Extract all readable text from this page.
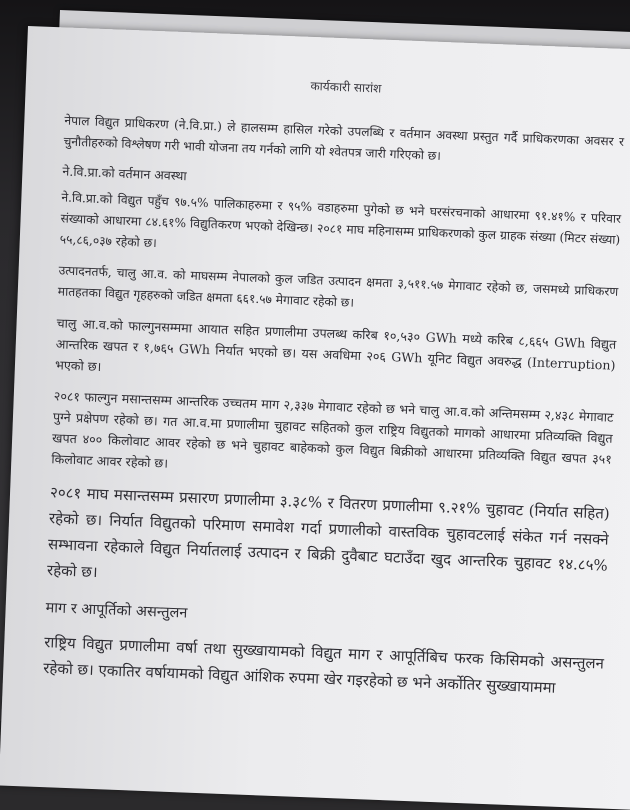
कार्यकारी सारांश

नेपाल विद्युत प्राधिकरण (ने.वि.प्रा.) ले हालसम्म हासिल गरेको उपलब्धि र वर्तमान अवस्था प्रस्तुत गर्दै प्राधिकरणका अवसर र चुनौतीहरुको विश्लेषण गरी भावी योजना तय गर्नको लागि यो श्वेतपत्र जारी गरिएको छ।

ने.वि.प्रा.को वर्तमान अवस्था

ने.वि.प्रा.को विद्युत पहुँच ९७.५% पालिकाहरुमा र ९५% वडाहरुमा पुगेको छ भने घरसंरचनाको आधारमा ९१.४१% र परिवार संख्याको आधारमा ८४.६१% विद्युतिकरण भएको देखिन्छ। २०८१ माघ महिनासम्म प्राधिकरणको कुल ग्राहक संख्या (मिटर संख्या) ५५,८६,०३७ रहेको छ।

उत्पादनतर्फ, चालु आ.व. को माघसम्म नेपालको कुल जडित उत्पादन क्षमता ३,५११.५७ मेगावाट रहेको छ, जसमध्ये प्राधिकरण मातहतका विद्युत गृहहरुको जडित क्षमता ६६१.५७ मेगावाट रहेको छ।

चालु आ.व.को फाल्गुनसम्ममा आयात सहित प्रणालीमा उपलब्ध करिब १०,५३० GWh मध्ये करिब ८,६६५ GWh विद्युत आन्तरिक खपत र १,७६५ GWh निर्यात भएको छ। यस अवधिमा २०६ GWh यूनिट विद्युत अवरुद्ध (Interruption) भएको छ।

२०८१ फाल्गुन मसान्तसम्म आन्तरिक उच्चतम माग २,३३७ मेगावाट रहेको छ भने चालु आ.व.को अन्तिमसम्म २,४३८ मेगावाट पुग्ने प्रक्षेपण रहेको छ। गत आ.व.मा प्रणालीमा चुहावट सहितको कुल राष्ट्रिय विद्युतको मागको आधारमा प्रतिव्यक्ति विद्युत खपत ४०० किलोवाट आवर रहेको छ भने चुहावट बाहेकको कुल विद्युत बिक्रीको आधारमा प्रतिव्यक्ति विद्युत खपत ३५१ किलोवाट आवर रहेको छ।

२०८१ माघ मसान्तसम्म प्रसारण प्रणालीमा ३.३८% र वितरण प्रणालीमा ९.२१% चुहावट (निर्यात सहित) रहेको छ। निर्यात विद्युतको परिमाण समावेश गर्दा प्रणालीको वास्तविक चुहावटलाई संकेत गर्न नसक्ने सम्भावना रहेकाले विद्युत निर्यातलाई उत्पादन र बिक्री दुवैबाट घटाउँदा खुद आन्तरिक चुहावट १४.८५% रहेको छ।

माग र आपूर्तिको असन्तुलन

राष्ट्रिय विद्युत प्रणालीमा वर्षा तथा सुख्खायामको विद्युत माग र आपूर्तिबिच फरक किसिमको असन्तुलन रहेको छ। एकातिर वर्षायामको विद्युत आंशिक रुपमा खेर गइरहेको छ भने अर्कोतिर सुख्खायाममा
